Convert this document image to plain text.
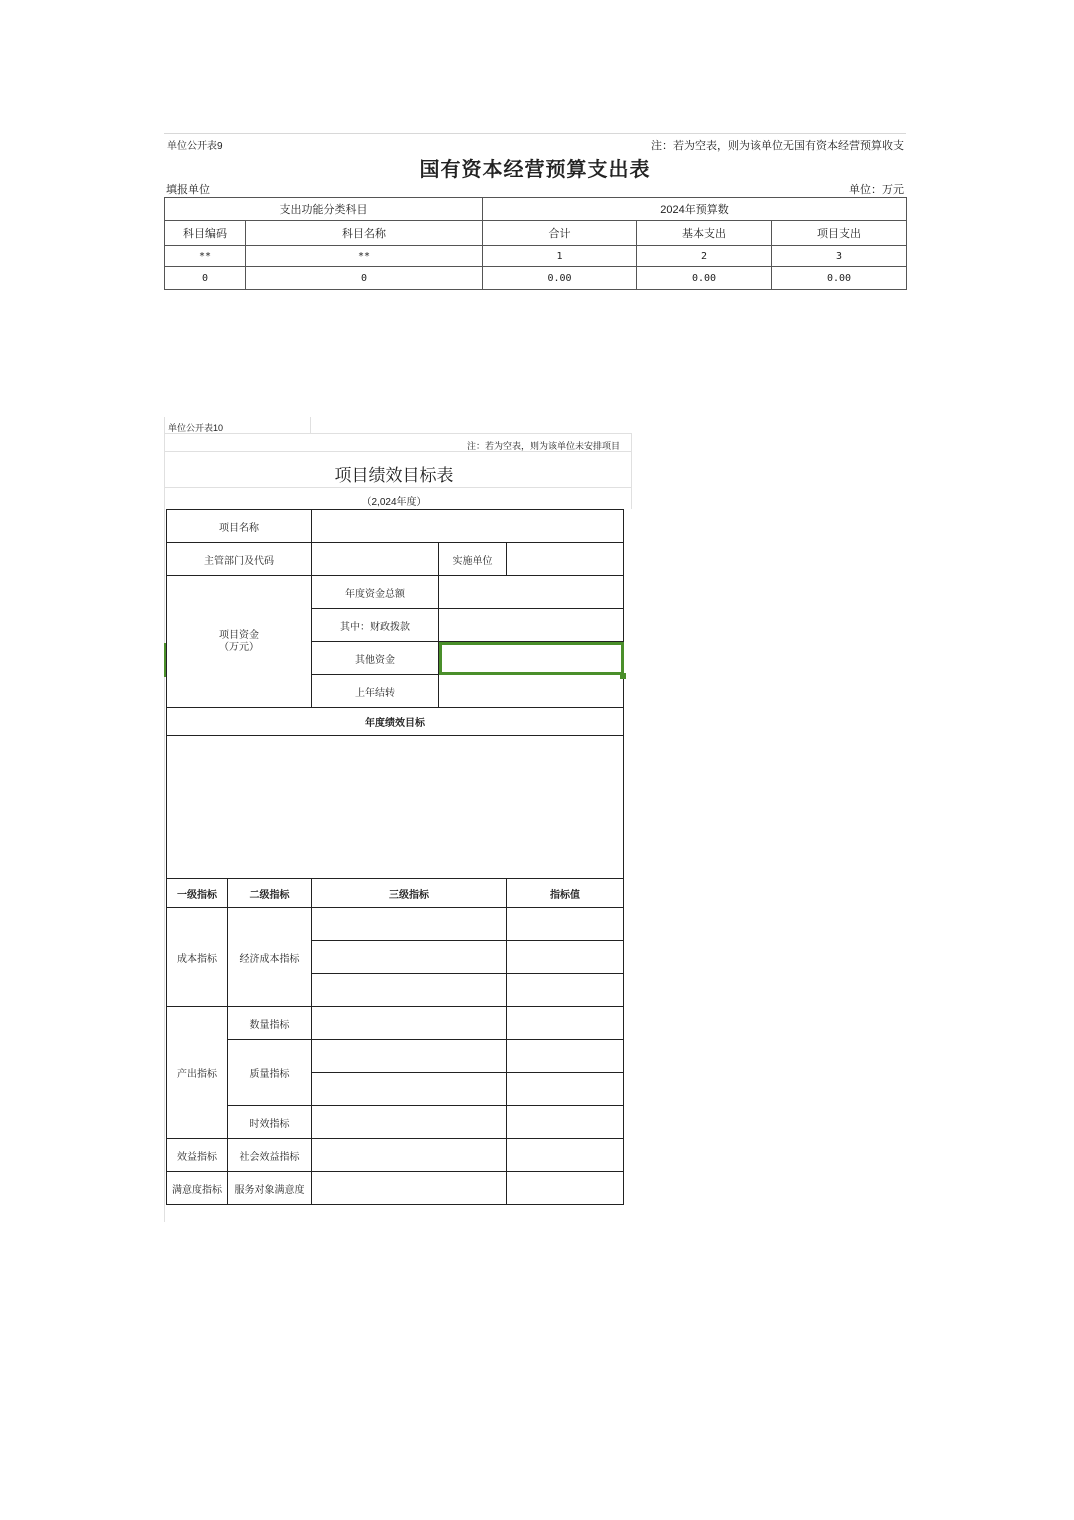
单位公开表9	注：若为空表，则为该单位无国有资本经营预算收支
国有资本经营预算支出表
填报单位	单位：万元
支出功能分类科目		2024年预算数		
科目编码	科目名称	合计	基本支出	项目支出
**	**	1	2	3
0	0	0.00	0.00	0.00
单位公开表10
注：若为空表，则为该单位未安排项目
项目绩效目标表
（2,024年度）
项目名称				
主管部门及代码			实施单位	
项目资金
（万元）		年度资金总额		
		其中：财政拨款		
		其他资金		
		上年结转		
年度绩效目标				

一级指标	二级指标	三级指标		指标值
成本指标	经济成本指标			

产出指标	数量指标			
	质量指标			

	时效指标			
效益指标	社会效益指标			
满意度指标	服务对象满意度			
